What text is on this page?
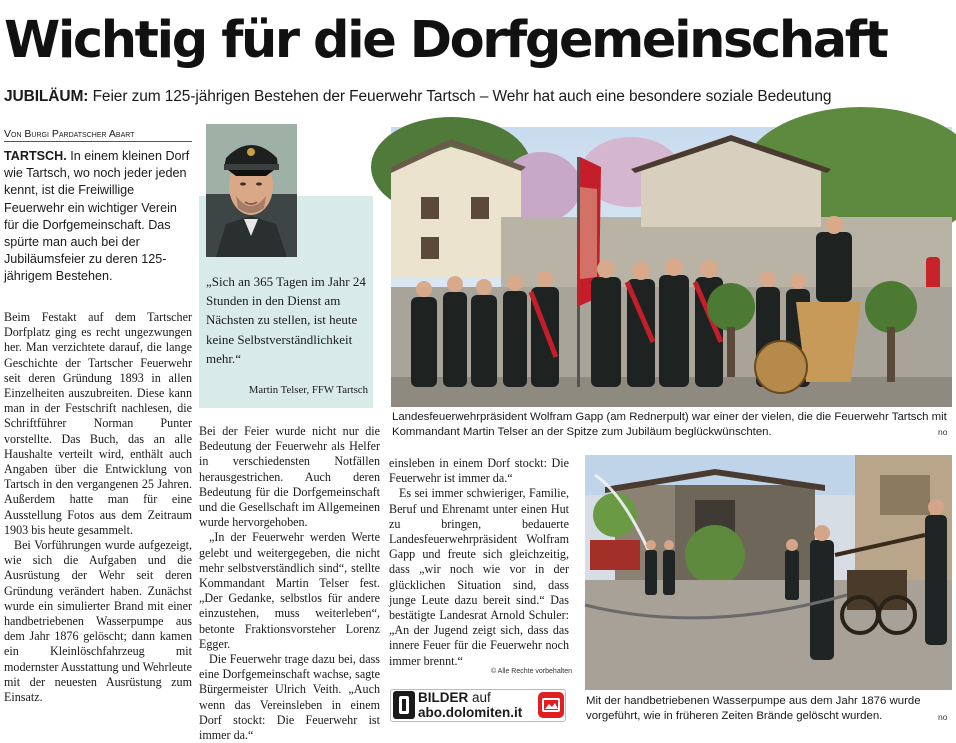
Wichtig für die Dorfgemeinschaft
JUBILÄUM: Feier zum 125-jährigen Bestehen der Feuerwehr Tartsch – Wehr hat auch eine besondere soziale Bedeutung
Von Burgi Pardatscher Abart
TARTSCH. In einem kleinen Dorf wie Tartsch, wo noch jeder jeden kennt, ist die Freiwillige Feuerwehr ein wichtiger Verein für die Dorfgemeinschaft. Das spürte man auch bei der Jubiläumsfeier zu deren 125-jährigem Bestehen.

Beim Festakt auf dem Tartscher Dorfplatz ging es recht ungezwungen her. Man verzichtete darauf, die lange Geschichte der Tartscher Feuerwehr seit deren Gründung 1893 in allen Einzelheiten auszubreiten. Diese kann man in der Festschrift nachlesen, die Schriftführer Norman Punter vorstellte. Das Buch, das an alle Haushalte verteilt wird, enthält auch Angaben über die Entwicklung von Tartsch in den vergangenen 25 Jahren. Außerdem hatte man für eine Ausstellung Fotos aus dem Zeitraum 1903 bis heute gesammelt.

Bei Vorführungen wurde aufgezeigt, wie sich die Aufgaben und die Ausrüstung der Wehr seit deren Gründung verändert haben. Zunächst wurde ein simulierter Brand mit einer handbetriebenen Wasserpumpe aus dem Jahr 1876 gelöscht; dann kamen ein Kleinlöschfahrzeug mit modernster Ausstattung und Wehrleute mit der neuesten Ausrüstung zum Einsatz.

Bei der Feier wurde nicht nur die Bedeutung der Feuerwehr als Helfer in verschiedensten Notfällen herausgestrichen. Auch deren Bedeutung für die Dorfgemeinschaft und die Gesellschaft im Allgemeinen wurde hervorgehoben.

„In der Feuerwehr werden Werte gelebt und weitergegeben, die nicht mehr selbstverständlich sind“, stellte Kommandant Martin Telser fest. „Der Gedanke, selbstlos für andere einzustehen, muss weiterleben“, betonte Fraktionsvorsteher Lorenz Egger.

Die Feuerwehr trage dazu bei, dass eine Dorfgemeinschaft wachse, sagte Bürgermeister Ulrich Veith. „Auch wenn das Vereinsleben in einem Dorf stockt: Die Feuerwehr ist immer da.“

einsleben in einem Dorf stockt: Die Feuerwehr ist immer da.“

Es sei immer schwieriger, Familie, Beruf und Ehrenamt unter einen Hut zu bringen, bedauerte Landesfeuerwehrpräsident Wolfram Gapp und freute sich gleichzeitig, dass „wir noch wie vor in der glücklichen Situation sind, dass junge Leute dazu bereit sind.“ Das bestätigte Landesrat Arnold Schuler: „An der Jugend zeigt sich, dass das innere Feuer für die Feuerwehr noch immer brennt.“

„Sich an 365 Tagen im Jahr 24 Stunden in den Dienst am Nächsten zu stellen, ist heute keine Selbstverständlichkeit mehr.“
Martin Telser, FFW Tartsch
Landesfeuerwehrpräsident Wolfram Gapp (am Rednerpult) war einer der vielen, die die Feuerwehr Tartsch mit Kommandant Martin Telser an der Spitze zum Jubiläum beglückwünschten.	no
Mit der handbetriebenen Wasserpumpe aus dem Jahr 1876 wurde vorgeführt, wie in früheren Zeiten Brände gelöscht wurden.	no
© Alle Rechte vorbehalten
BILDER auf
abo.dolomiten.it
